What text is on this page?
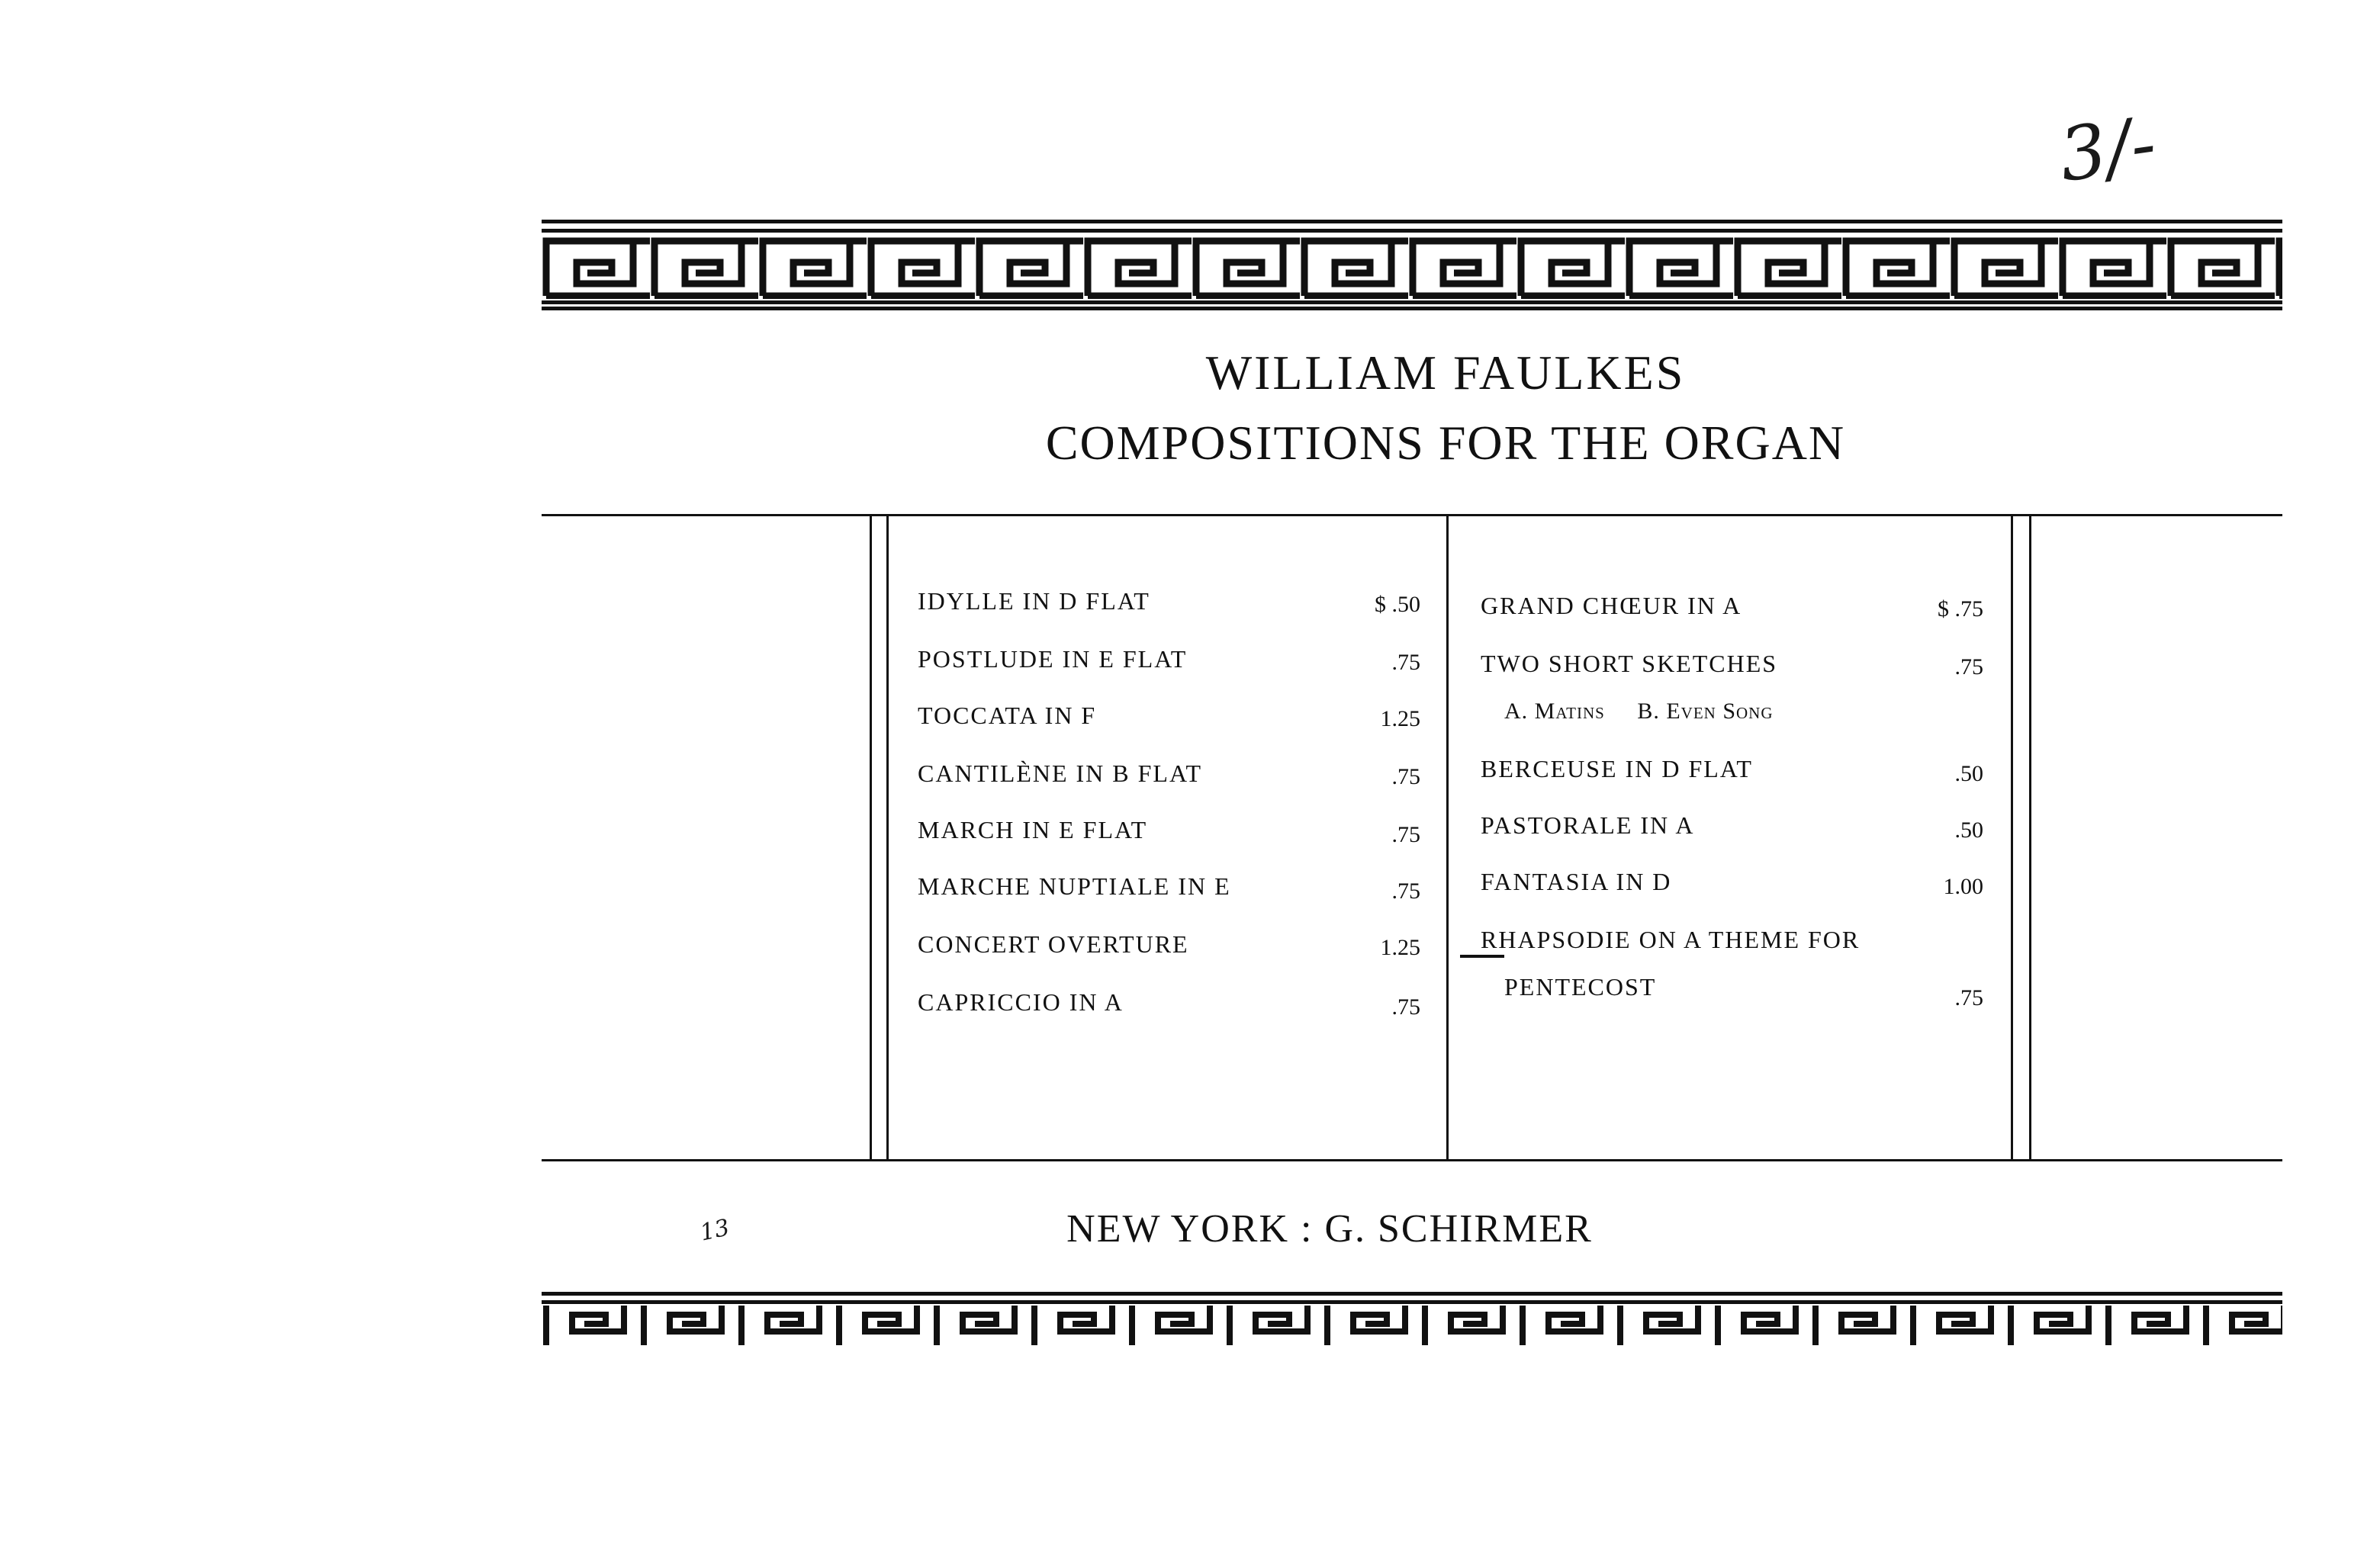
3/-
13
WILLIAM FAULKES
COMPOSITIONS FOR THE ORGAN
IDYLLE IN D FLAT	$ .50
POSTLUDE IN E FLAT	.75
TOCCATA IN F	1.25
CANTILÈNE IN B FLAT	.75
MARCH IN E FLAT	.75
MARCHE NUPTIALE IN E	.75
CONCERT OVERTURE	1.25
CAPRICCIO IN A	.75
GRAND CHŒUR IN A	$ .75
TWO SHORT SKETCHES	.75
A. Matins     B. Even Song
BERCEUSE IN D FLAT	.50
PASTORALE IN A	.50
FANTASIA IN D	1.00
RHAPSODIE ON A THEME FOR
PENTECOST	.75
NEW YORK : G. SCHIRMER
